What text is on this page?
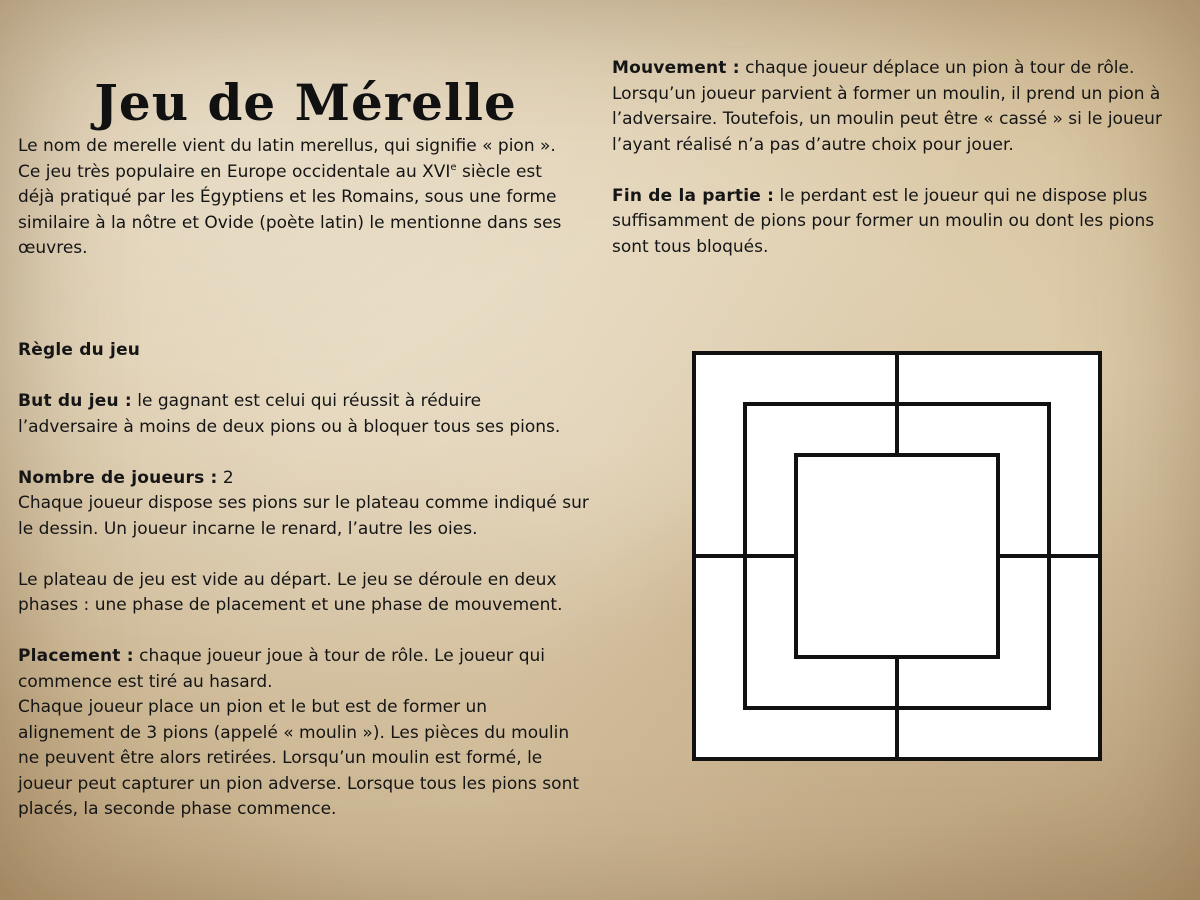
Jeu de Mérelle

Le nom de merelle vient du latin merellus, qui signifie « pion ».

Ce jeu très populaire en Europe occidentale au XVIe siècle est

déjà pratiqué par les Égyptiens et les Romains, sous une forme

similaire à la nôtre et Ovide (poète latin) le mentionne dans ses

œuvres.

Règle du jeu

But du jeu : le gagnant est celui qui réussit à réduire

l’adversaire à moins de deux pions ou à bloquer tous ses pions.

Nombre de joueurs : 2

Chaque joueur dispose ses pions sur le plateau comme indiqué sur

le dessin. Un joueur incarne le renard, l’autre les oies.

Le plateau de jeu est vide au départ. Le jeu se déroule en deux

phases : une phase de placement et une phase de mouvement.

Placement : chaque joueur joue à tour de rôle. Le joueur qui

commence est tiré au hasard.

Chaque joueur place un pion et le but est de former un

alignement de 3 pions (appelé « moulin »). Les pièces du moulin

ne peuvent être alors retirées. Lorsqu’un moulin est formé, le

joueur peut capturer un pion adverse. Lorsque tous les pions sont

placés, la seconde phase commence.

Mouvement : chaque joueur déplace un pion à tour de rôle.

Lorsqu’un joueur parvient à former un moulin, il prend un pion à

l’adversaire. Toutefois, un moulin peut être « cassé » si le joueur

l’ayant réalisé n’a pas d’autre choix pour jouer.

Fin de la partie : le perdant est le joueur qui ne dispose plus

suffisamment de pions pour former un moulin ou dont les pions

sont tous bloqués.
